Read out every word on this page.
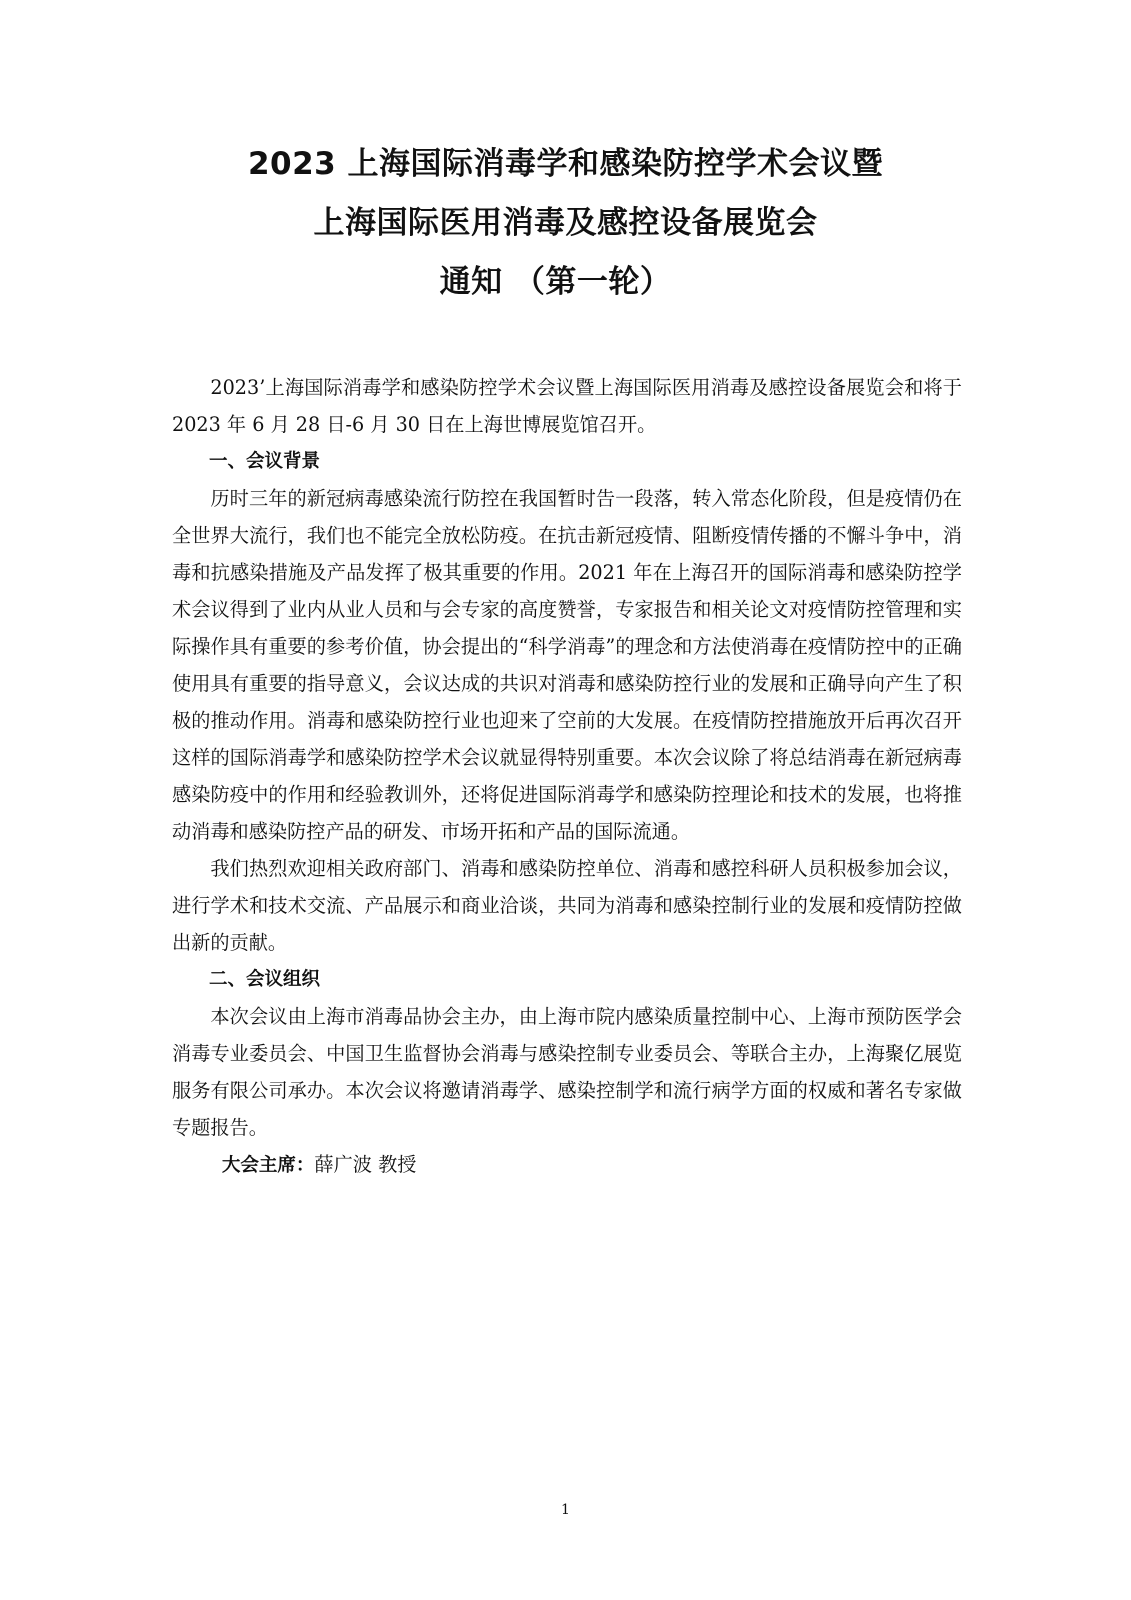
2023 上海国际消毒学和感染防控学术会议暨
上海国际医用消毒及感控设备展览会
通知 （第一轮）

2023’上海国际消毒学和感染防控学术会议暨上海国际医用消毒及感控设备展览会和将于 2023 年 6 月 28 日-6 月 30 日在上海世博展览馆召开。

一、会议背景

历时三年的新冠病毒感染流行防控在我国暂时告一段落，转入常态化阶段，但是疫情仍在全世界大流行，我们也不能完全放松防疫。在抗击新冠疫情、阻断疫情传播的不懈斗争中，消毒和抗感染措施及产品发挥了极其重要的作用。2021 年在上海召开的国际消毒和感染防控学术会议得到了业内从业人员和与会专家的高度赞誉，专家报告和相关论文对疫情防控管理和实际操作具有重要的参考价值，协会提出的“科学消毒”的理念和方法使消毒在疫情防控中的正确使用具有重要的指导意义，会议达成的共识对消毒和感染防控行业的发展和正确导向产生了积极的推动作用。消毒和感染防控行业也迎来了空前的大发展。在疫情防控措施放开后再次召开这样的国际消毒学和感染防控学术会议就显得特别重要。本次会议除了将总结消毒在新冠病毒感染防疫中的作用和经验教训外，还将促进国际消毒学和感染防控理论和技术的发展，也将推动消毒和感染防控产品的研发、市场开拓和产品的国际流通。

我们热烈欢迎相关政府部门、消毒和感染防控单位、消毒和感控科研人员积极参加会议，进行学术和技术交流、产品展示和商业洽谈，共同为消毒和感染控制行业的发展和疫情防控做出新的贡献。

二、会议组织

本次会议由上海市消毒品协会主办，由上海市院内感染质量控制中心、上海市预防医学会消毒专业委员会、中国卫生监督协会消毒与感染控制专业委员会、等联合主办，上海聚亿展览服务有限公司承办。本次会议将邀请消毒学、感染控制学和流行病学方面的权威和著名专家做专题报告。

大会主席：薛广波 教授

1
